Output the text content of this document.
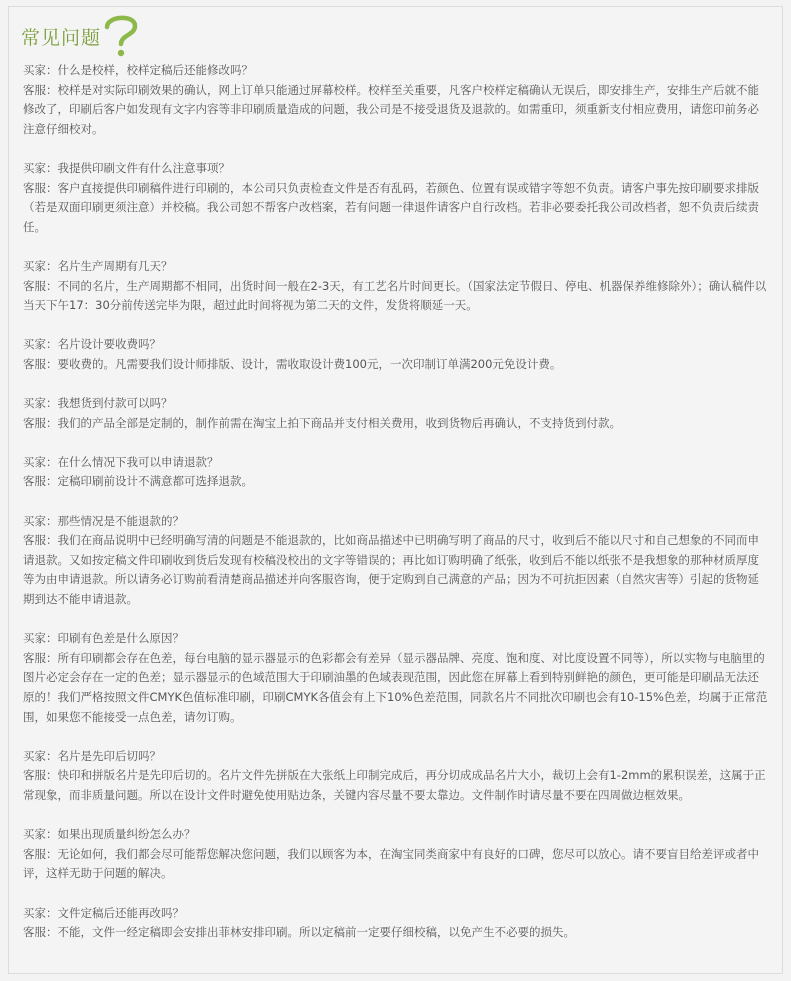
常见问题

买家：什么是校样，校样定稿后还能修改吗？

客服：校样是对实际印刷效果的确认，网上订单只能通过屏幕校样。校样至关重要，凡客户校样定稿确认无误后，即安排生产，安排生产后就不能修改了，印刷后客户如发现有文字内容等非印刷质量造成的问题，我公司是不接受退货及退款的。如需重印，须重新支付相应费用，请您印前务必注意仔细校对。

买家：我提供印刷文件有什么注意事项？

客服：客户直接提供印刷稿件进行印刷的，本公司只负责检查文件是否有乱码，若颜色、位置有误或错字等恕不负责。请客户事先按印刷要求排版（若是双面印刷更须注意）并校稿。我公司恕不帮客户改档案，若有问题一律退件请客户自行改档。若非必要委托我公司改档者，恕不负责后续责任。

买家：名片生产周期有几天？

客服：不同的名片，生产周期都不相同，出货时间一般在2-3天，有工艺名片时间更长。（国家法定节假日、停电、机器保养维修除外）；确认稿件以当天下午17：30分前传送完毕为限，超过此时间将视为第二天的文件，发货将顺延一天。

买家：名片设计要收费吗？

客服：要收费的。凡需要我们设计师排版、设计，需收取设计费100元，一次印制订单满200元免设计费。

买家：我想货到付款可以吗？

客服：我们的产品全部是定制的，制作前需在淘宝上拍下商品并支付相关费用，收到货物后再确认，不支持货到付款。

买家：在什么情况下我可以申请退款？

客服：定稿印刷前设计不满意都可选择退款。

买家：那些情况是不能退款的？

客服：我们在商品说明中已经明确写清的问题是不能退款的，比如商品描述中已明确写明了商品的尺寸，收到后不能以尺寸和自己想象的不同而申请退款。又如按定稿文件印刷收到货后发现有校稿没校出的文字等错误的；再比如订购明确了纸张，收到后不能以纸张不是我想象的那种材质厚度等为由申请退款。所以请务必订购前看清楚商品描述并向客服咨询，便于定购到自己满意的产品；因为不可抗拒因素（自然灾害等）引起的货物延期到达不能申请退款。

买家：印刷有色差是什么原因？

客服：所有印刷都会存在色差，每台电脑的显示器显示的色彩都会有差异（显示器品牌、亮度、饱和度、对比度设置不同等），所以实物与电脑里的图片必定会存在一定的色差；显示器显示的色域范围大于印刷油墨的色域表现范围，因此您在屏幕上看到特别鲜艳的颜色，更可能是印刷品无法还原的！我们严格按照文件CMYK色值标准印刷，印刷CMYK各值会有上下10%色差范围，同款名片不同批次印刷也会有10-15%色差，均属于正常范围，如果您不能接受一点色差，请勿订购。

买家：名片是先印后切吗？

客服：快印和拼版名片是先印后切的。名片文件先拼版在大张纸上印制完成后，再分切成成品名片大小，裁切上会有1-2mm的累积误差，这属于正常现象，而非质量问题。所以在设计文件时避免使用贴边条，关键内容尽量不要太靠边。文件制作时请尽量不要在四周做边框效果。

买家：如果出现质量纠纷怎么办？

客服：无论如何，我们都会尽可能帮您解决您问题，我们以顾客为本，在淘宝同类商家中有良好的口碑，您尽可以放心。请不要盲目给差评或者中评，这样无助于问题的解决。

买家：文件定稿后还能再改吗？

客服：不能，文件一经定稿即会安排出菲林安排印刷。所以定稿前一定要仔细校稿，以免产生不必要的损失。
